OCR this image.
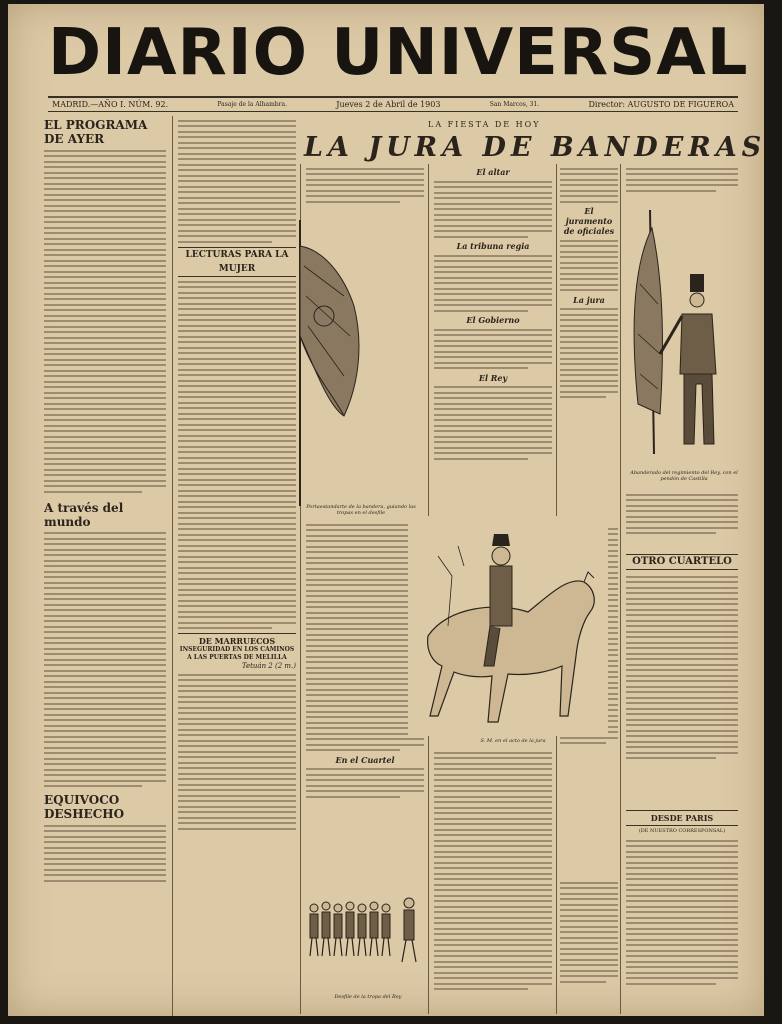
DIARIO UNIVERSAL
MADRID.—AÑO I. NÚM. 92.	Pasaje de la Alhambra.	Jueves 2 de Abril de 1903	San Marcos, 31.	Director: AUGUSTO DE FIGUEROA
EL PROGRAMA DE AYER
A través del mundo
EQUIVOCO DESHECHO
LECTURAS PARA LA MUJER
DE MARRUECOS
INSEGURIDAD EN LOS CAMINOS A LAS PUERTAS DE MELILLA
Tetuán 2 (2 m.)
LA FIESTA DE HOY
LA JURA DE BANDERAS
Portaestandarte de la bandera, guiando las tropas en el desfile
El altar
La tribuna regia
El Gobierno
El Rey
El juramento de oficiales
La jura
Abanderado del regimiento del Rey, con el pendón de Castilla
OTRO CUARTELO
DESDE PARIS
(DE NUESTRO CORRESPONSAL)
En el Cuartel
S. M. en el acto de la jura
Desfile de la tropa del Rey
